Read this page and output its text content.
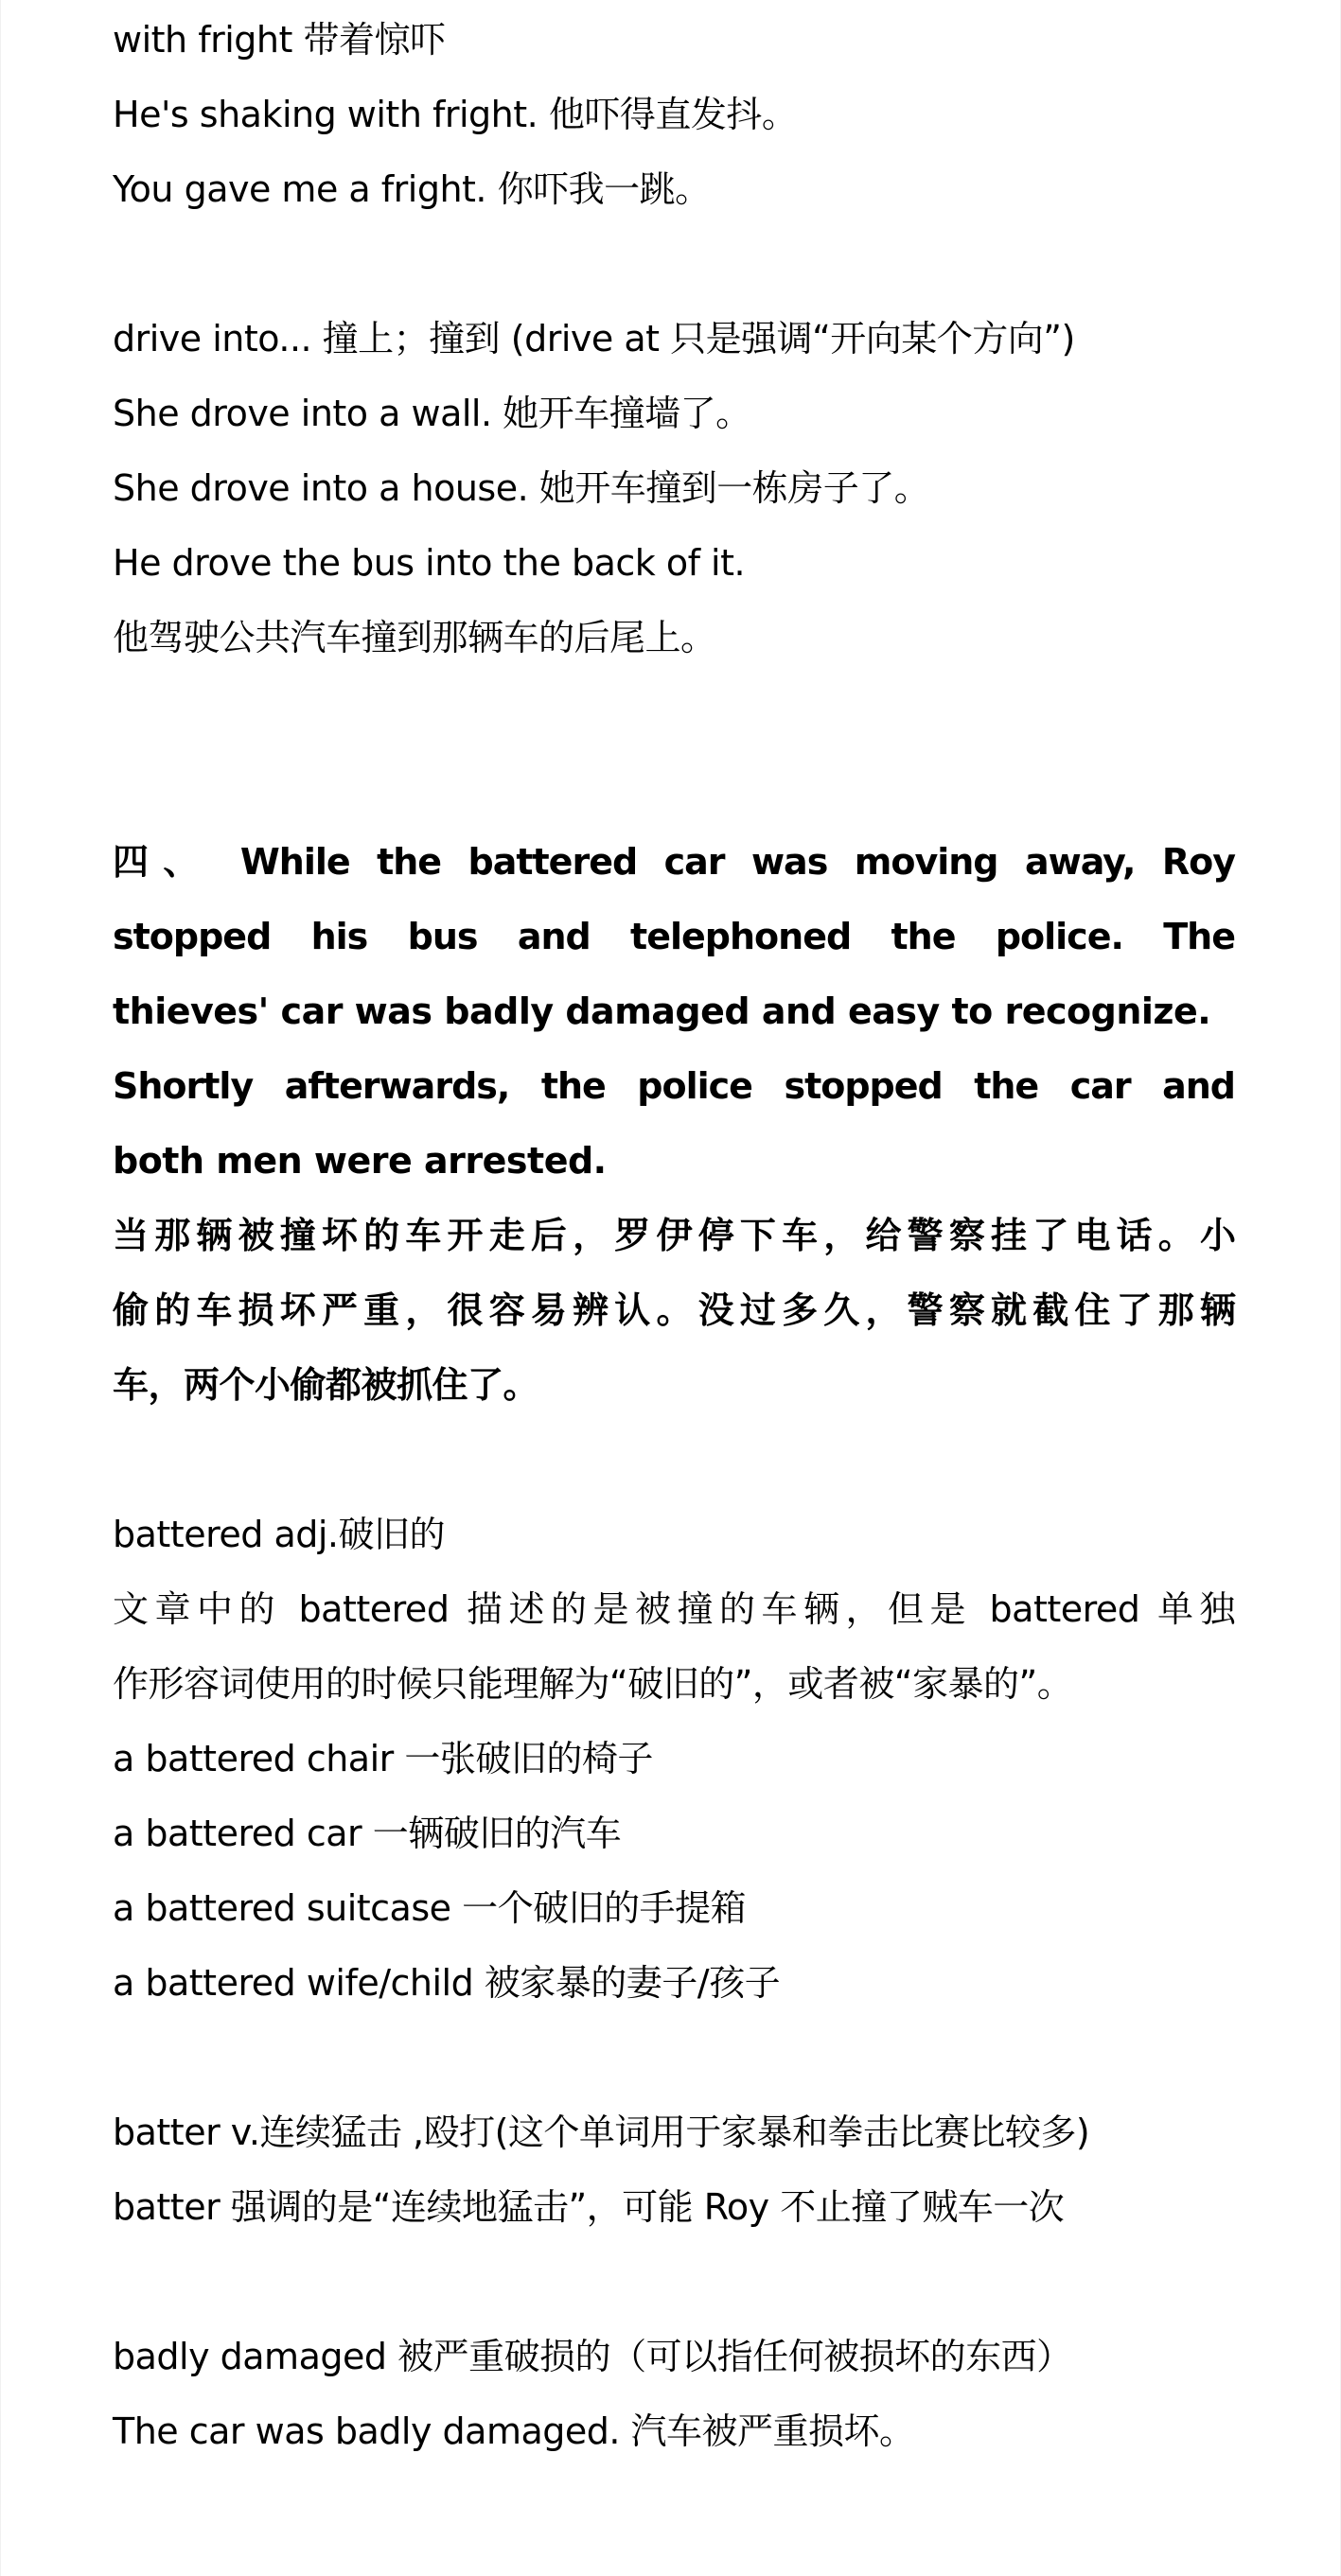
with fright 带着惊吓
He's shaking with fright. 他吓得直发抖。
You gave me a fright. 你吓我一跳。
drive into... 撞上；撞到 (drive at 只是强调“开向某个方向”)
She drove into a wall. 她开车撞墙了。
She drove into a house. 她开车撞到一栋房子了。
He drove the bus into the back of it.
他驾驶公共汽车撞到那辆车的后尾上。
四、 While the battered car was moving away, Roy
stopped his bus and telephoned the police. The
thieves' car was badly damaged and easy to recognize.
Shortly afterwards, the police stopped the car and
both men were arrested.
当那辆被撞坏的车开走后，罗伊停下车，给警察挂了电话。小
偷的车损坏严重，很容易辨认。没过多久，警察就截住了那辆
车，两个小偷都被抓住了。
battered adj.破旧的
文章中的 battered 描述的是被撞的车辆，但是 battered 单独
作形容词使用的时候只能理解为“破旧的”，或者被“家暴的”。
a battered chair 一张破旧的椅子
a battered car 一辆破旧的汽车
a battered suitcase 一个破旧的手提箱
a battered wife/child 被家暴的妻子/孩子
batter v.连续猛击 ,殴打(这个单词用于家暴和拳击比赛比较多)
batter 强调的是“连续地猛击”，可能 Roy 不止撞了贼车一次
badly damaged 被严重破损的（可以指任何被损坏的东西）
The car was badly damaged. 汽车被严重损坏。
